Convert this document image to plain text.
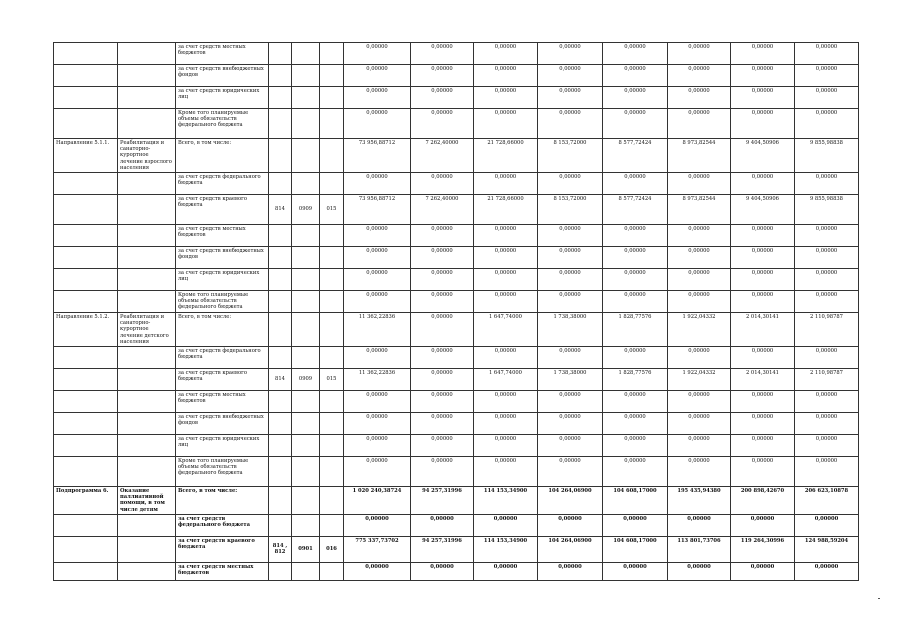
		за счет средств местных бюджетов				0,00000	0,00000	0,00000	0,00000	0,00000	0,00000	0,00000	0,00000
		за счет средств внебюджетных фондов				0,00000	0,00000	0,00000	0,00000	0,00000	0,00000	0,00000	0,00000
		за счет средств юридических лиц				0,00000	0,00000	0,00000	0,00000	0,00000	0,00000	0,00000	0,00000
		Кроме того планируемые объемы обязательств федерального бюджета				0,00000	0,00000	0,00000	0,00000	0,00000	0,00000	0,00000	0,00000
Направление 5.1.1.	Реабилитация и санаторно-курортное лечение взрослого населения	Всего, в том числе:				73 956,88712	7 262,40000	21 728,66000	8 153,72000	8 577,72424	8 973,82544	9 404,50906	9 855,98838
		за счет средств федерального бюджета				0,00000	0,00000	0,00000	0,00000	0,00000	0,00000	0,00000	0,00000
		за счет средств краевого бюджета	814	0909	015	73 956,88712	7 262,40000	21 728,66000	8 153,72000	8 577,72424	8 973,82544	9 404,50906	9 855,98838
		за счет средств местных бюджетов				0,00000	0,00000	0,00000	0,00000	0,00000	0,00000	0,00000	0,00000
		за счет средств внебюджетных фондов				0,00000	0,00000	0,00000	0,00000	0,00000	0,00000	0,00000	0,00000
		за счет средств юридических лиц				0,00000	0,00000	0,00000	0,00000	0,00000	0,00000	0,00000	0,00000
		Кроме того планируемые объемы обязательств федерального бюджета				0,00000	0,00000	0,00000	0,00000	0,00000	0,00000	0,00000	0,00000
Направление 5.1.2.	Реабилитация и санаторно-курортное лечение детского населения	Всего, в том числе:				11 362,22836	0,00000	1 647,74000	1 738,38000	1 828,77576	1 922,04332	2 014,30141	2 110,98787
		за счет средств федерального бюджета				0,00000	0,00000	0,00000	0,00000	0,00000	0,00000	0,00000	0,00000
		за счет средств краевого бюджета	814	0909	015	11 362,22836	0,00000	1 647,74000	1 738,38000	1 828,77576	1 922,04332	2 014,30141	2 110,98787
		за счет средств местных бюджетов				0,00000	0,00000	0,00000	0,00000	0,00000	0,00000	0,00000	0,00000
		за счет средств внебюджетных фондов				0,00000	0,00000	0,00000	0,00000	0,00000	0,00000	0,00000	0,00000
		за счет средств юридических лиц				0,00000	0,00000	0,00000	0,00000	0,00000	0,00000	0,00000	0,00000
		Кроме того планируемые объемы обязательств федерального бюджета				0,00000	0,00000	0,00000	0,00000	0,00000	0,00000	0,00000	0,00000
Подпрограмма 6.	Оказание паллиативной помощи, в том числе детям	Всего, в том числе:				1 020 240,38724	94 257,31996	114 153,34900	104 264,06900	104 608,17000	195 435,94380	200 898,42670	206 623,10878
		за счет средств федерального бюджета				0,00000	0,00000	0,00000	0,00000	0,00000	0,00000	0,00000	0,00000
		за счет средств краевого бюджета	814 , 812	0901	016	775 337,73702	94 257,31996	114 153,34900	104 264,06900	104 608,17000	113 801,73706	119 264,30996	124 988,59204
		за счет средств местных бюджетов				0,00000	0,00000	0,00000	0,00000	0,00000	0,00000	0,00000	0,00000
